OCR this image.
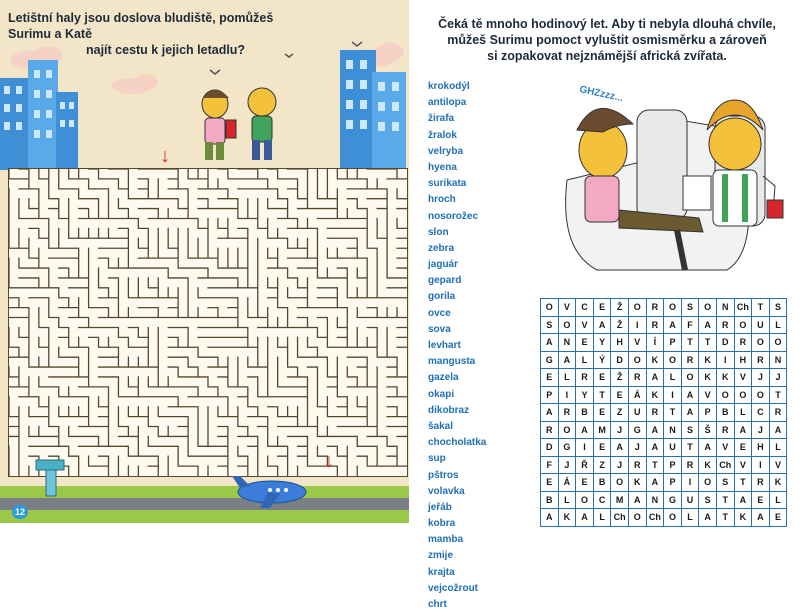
Letištní haly jsou doslova bludiště, pomůžeš Surimu a Katě
najít cestu k jejich letadlu?
↓
↓
12
Čeká tě mnoho hodinový let. Aby ti nebyla dlouhá chvíle,
můžeš Surimu pomoct vyluštit osmisměrku a zároveň
si zopakovat nejznámější africká zvířata.
krokodýl
antilopa
žirafa
žralok
velryba
hyena
surikata
hroch
nosorožec
slon
zebra
jaguár
gepard
gorila
ovce
sova
levhart
mangusta
gazela
okapi
dikobraz
šakal
chocholatka
sup
pštros
volavka
jeřáb
kobra
mamba
zmije
krajta
vejcožrout
chrt
GHZzzz...
O	V	C	E	Ž	O	R	O	S	O	N	Ch	T	S
S	O	V	A	Ž	I	R	A	F	A	R	O	U	L
A	N	E	Y	H	V	Í	P	T	T	D	R	O	O
G	A	L	Ý	D	O	K	O	R	K	I	H	R	N
E	L	R	E	Ž	R	A	L	O	K	K	V	J	J
P	I	Y	T	E	Á	K	I	A	V	O	O	O	T
A	R	B	E	Z	U	R	T	A	P	B	L	C	R
R	O	A	M	J	G	A	N	S	Š	R	A	J	A
D	G	I	E	A	J	A	U	T	A	V	E	H	L
F	J	Ř	Z	J	R	T	P	R	K	Ch	V	I	V
E	Á	E	B	O	K	A	P	I	O	S	T	R	K
B	L	O	C	M	A	N	G	U	S	T	A	E	L
A	K	A	L	Ch	O	Ch	O	L	A	T	K	A	E
